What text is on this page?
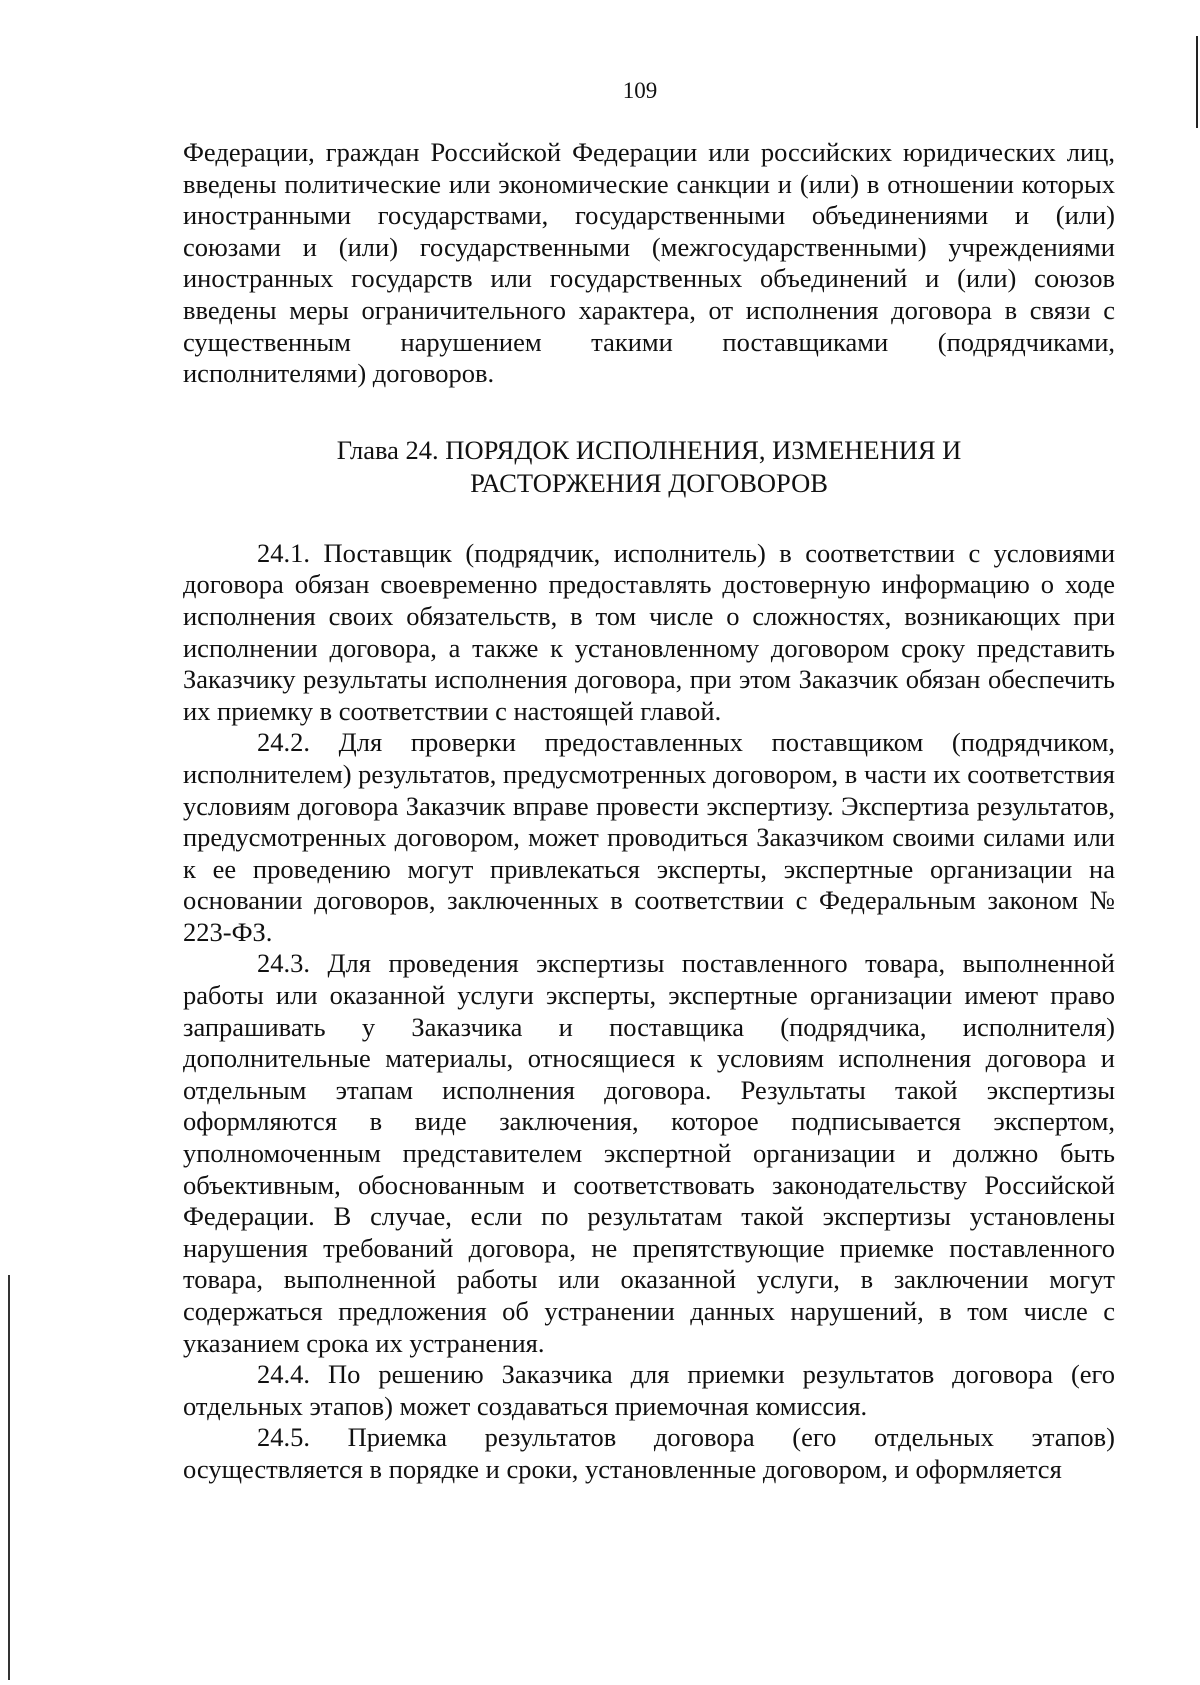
109

Федерации, граждан Российской Федерации или российских юридических лиц, введены политические или экономические санкции и (или) в отношении которых иностранными государствами, государственными объединениями и (или) союзами и (или) государственными (межгосударственными) учреждениями иностранных государств или государственных объединений и (или) союзов введены меры ограничительного характера, от исполнения договора в связи с существенным нарушением такими поставщиками (подрядчиками, исполнителями) договоров.

Глава 24. ПОРЯДОК ИСПОЛНЕНИЯ, ИЗМЕНЕНИЯ И
РАСТОРЖЕНИЯ ДОГОВОРОВ

24.1. Поставщик (подрядчик, исполнитель) в соответствии с условиями договора обязан своевременно предоставлять достоверную информацию о ходе исполнения своих обязательств, в том числе о сложностях, возникающих при исполнении договора, а также к установленному договором сроку представить Заказчику результаты исполнения договора, при этом Заказчик обязан обеспечить их приемку в соответствии с настоящей главой.

24.2. Для проверки предоставленных поставщиком (подрядчиком, исполнителем) результатов, предусмотренных договором, в части их соответствия условиям договора Заказчик вправе провести экспертизу. Экспертиза результатов, предусмотренных договором, может проводиться Заказчиком своими силами или к ее проведению могут привлекаться эксперты, экспертные организации на основании договоров, заключенных в соответствии с Федеральным законом № 223-ФЗ.

24.3. Для проведения экспертизы поставленного товара, выполненной работы или оказанной услуги эксперты, экспертные организации имеют право запрашивать у Заказчика и поставщика (подрядчика, исполнителя) дополнительные материалы, относящиеся к условиям исполнения договора и отдельным этапам исполнения договора. Результаты такой экспертизы оформляются в виде заключения, которое подписывается экспертом, уполномоченным представителем экспертной организации и должно быть объективным, обоснованным и соответствовать законодательству Российской Федерации. В случае, если по результатам такой экспертизы установлены нарушения требований договора, не препятствующие приемке поставленного товара, выполненной работы или оказанной услуги, в заключении могут содержаться предложения об устранении данных нарушений, в том числе с указанием срока их устранения.

24.4. По решению Заказчика для приемки результатов договора (его отдельных этапов) может создаваться приемочная комиссия.

24.5. Приемка результатов договора (его отдельных этапов) осуществляется в порядке и сроки, установленные договором, и оформляется
